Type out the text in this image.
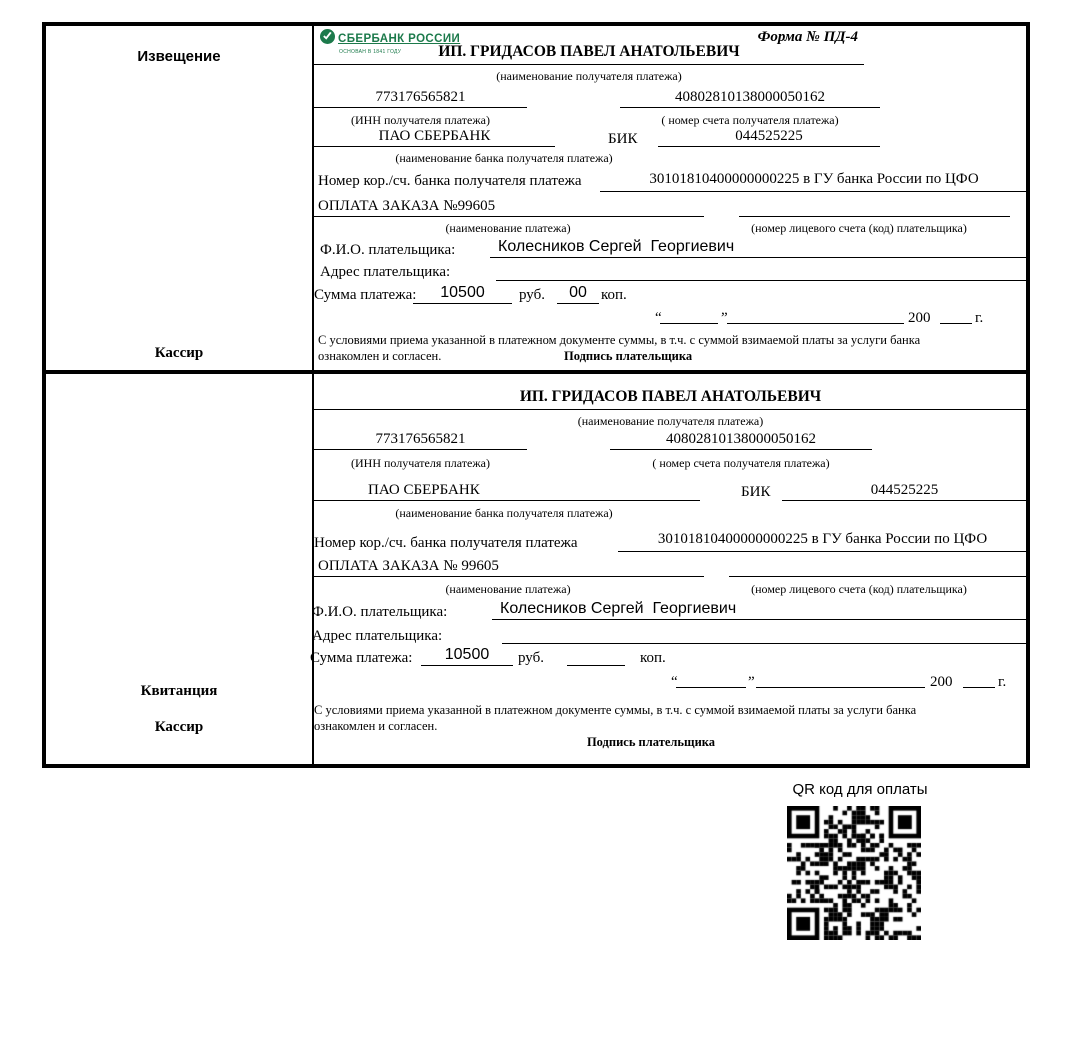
Извещение
Кассир
СБЕРБАНК РОССИИ
ОСНОВАН В 1841 ГОДУ
Форма № ПД-4
ИП. ГРИДАСОВ ПАВЕЛ АНАТОЛЬЕВИЧ
(наименование получателя платежа)
773176565821	40802810138000050162
(ИНН получателя платежа)	( номер счета получателя платежа)
ПАО СБЕРБАНК	БИК	044525225
(наименование банка получателя платежа)
Номер кор./сч. банка получателя платежа	30101810400000000225 в ГУ банка России по ЦФО
ОПЛАТА ЗАКАЗА №99605
(наименование платежа)	(номер лицевого счета (код) плательщика)
Ф.И.О. плательщика:	Колесников Сергей  Георгиевич
Адрес плательщика:
Сумма платежа:	10500	руб.	00 коп.
“	”	200	г.
С условиями приема указанной в платежном документе суммы, в т.ч. с суммой взимаемой платы за услуги банка
ознакомлен и согласен.	Подпись плательщика
Квитанция
Кассир
ИП. ГРИДАСОВ ПАВЕЛ АНАТОЛЬЕВИЧ
(наименование получателя платежа)
773176565821	40802810138000050162
(ИНН получателя платежа)	( номер счета получателя платежа)
ПАО СБЕРБАНК	БИК	044525225
(наименование банка получателя платежа)
Номер кор./сч. банка получателя платежа	30101810400000000225 в ГУ банка России по ЦФО
ОПЛАТА ЗАКАЗА № 99605
(наименование платежа)	(номер лицевого счета (код) плательщика)
Ф.И.О. плательщика:	Колесников Сергей  Георгиевич
Адрес плательщика:
Сумма платежа:	10500	руб.	коп.
“	”	200	г.
С условиями приема указанной в платежном документе суммы, в т.ч. с суммой взимаемой платы за услуги банка
ознакомлен и согласен.
Подпись плательщика
QR код для оплаты
